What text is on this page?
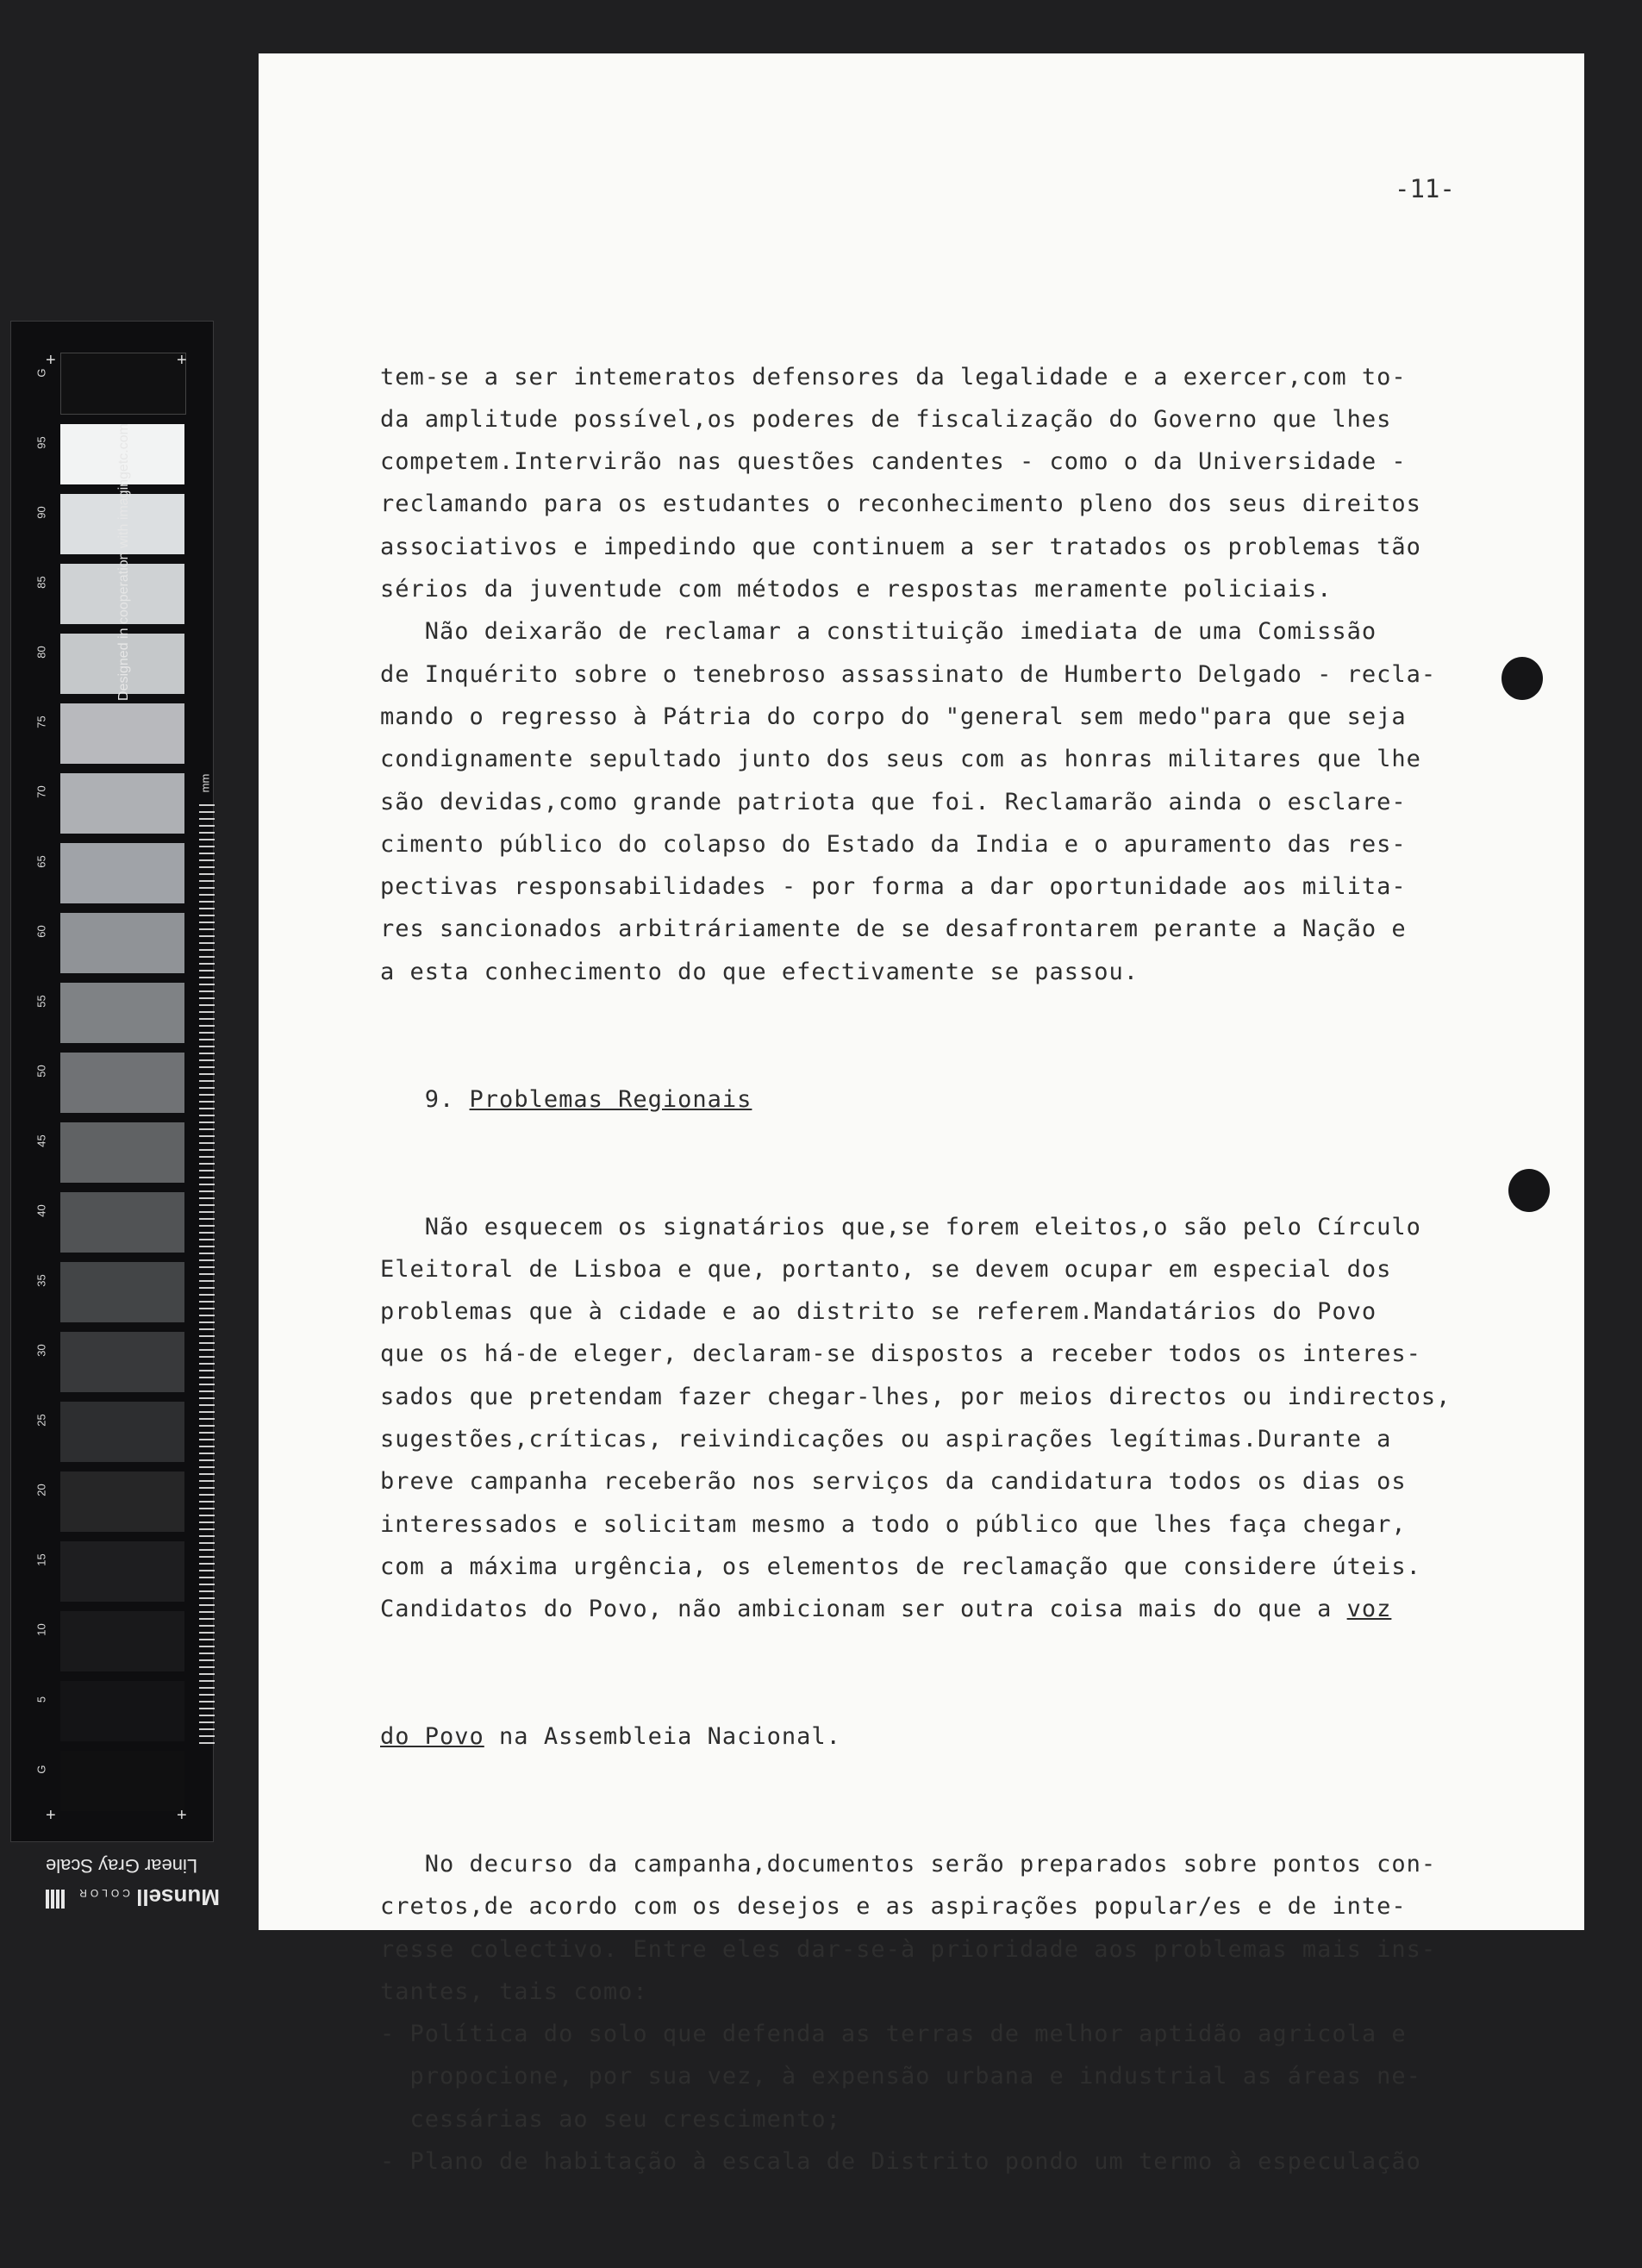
G
95
90
85
80
75
70
65
60
55
50
45
40
35
30
25
20
15
10
5
G
+	+
+	+
Designed in cooperation with imagingetc.com
mm
Linear Gray Scale
Munsell COLOR
-11-

tem-se a ser intemeratos defensores da legalidade e a exercer,com to-
da amplitude possível,os poderes de fiscalização do Governo que lhes
competem.Intervirão nas questões candentes - como o da Universidade -
reclamando para os estudantes o reconhecimento pleno dos seus direitos
associativos e impedindo que continuem a ser tratados os problemas tão
sérios da juventude com métodos e respostas meramente policiais.
Não deixarão de reclamar a constituição imediata de uma Comissão
de Inquérito sobre o tenebroso assassinato de Humberto Delgado - recla-
mando o regresso à Pátria do corpo do "general sem medo"para que seja
condignamente sepultado junto dos seus com as honras militares que lhe
são devidas,como grande patriota que foi. Reclamarão ainda o esclare-
cimento público do colapso do Estado da India e o apuramento das res-
pectivas responsabilidades - por forma a dar oportunidade aos milita-
res sancionados arbitráriamente de se desafrontarem perante a Nação e
a esta conhecimento do que efectivamente se passou.

9. Problemas Regionais

Não esquecem os signatários que,se forem eleitos,o são pelo Círculo
Eleitoral de Lisboa e que, portanto, se devem ocupar em especial dos
problemas que à cidade e ao distrito se referem.Mandatários do Povo
que os há-de eleger, declaram-se dispostos a receber todos os interes-
sados que pretendam fazer chegar-lhes, por meios directos ou indirectos,
sugestões,críticas, reivindicações ou aspirações legítimas.Durante a
breve campanha receberão nos serviços da candidatura todos os dias os
interessados e solicitam mesmo a todo o público que lhes faça chegar,
com a máxima urgência, os elementos de reclamação que considere úteis.
Candidatos do Povo, não ambicionam ser outra coisa mais do que a voz

do Povo na Assembleia Nacional.

No decurso da campanha,documentos serão preparados sobre pontos con-
cretos,de acordo com os desejos e as aspirações popular/es e de inte-
resse colectivo. Entre eles dar-se-à prioridade aos problemas mais ins-
tantes, tais como:
- Política do solo que defenda as terras de melhor aptidão agricola e
propocione, por sua vez, à expensão urbana e industrial as áreas ne-
cessárias ao seu crescimento;
- Plano de habitação à escala de Distrito pondo um termo à especulação
